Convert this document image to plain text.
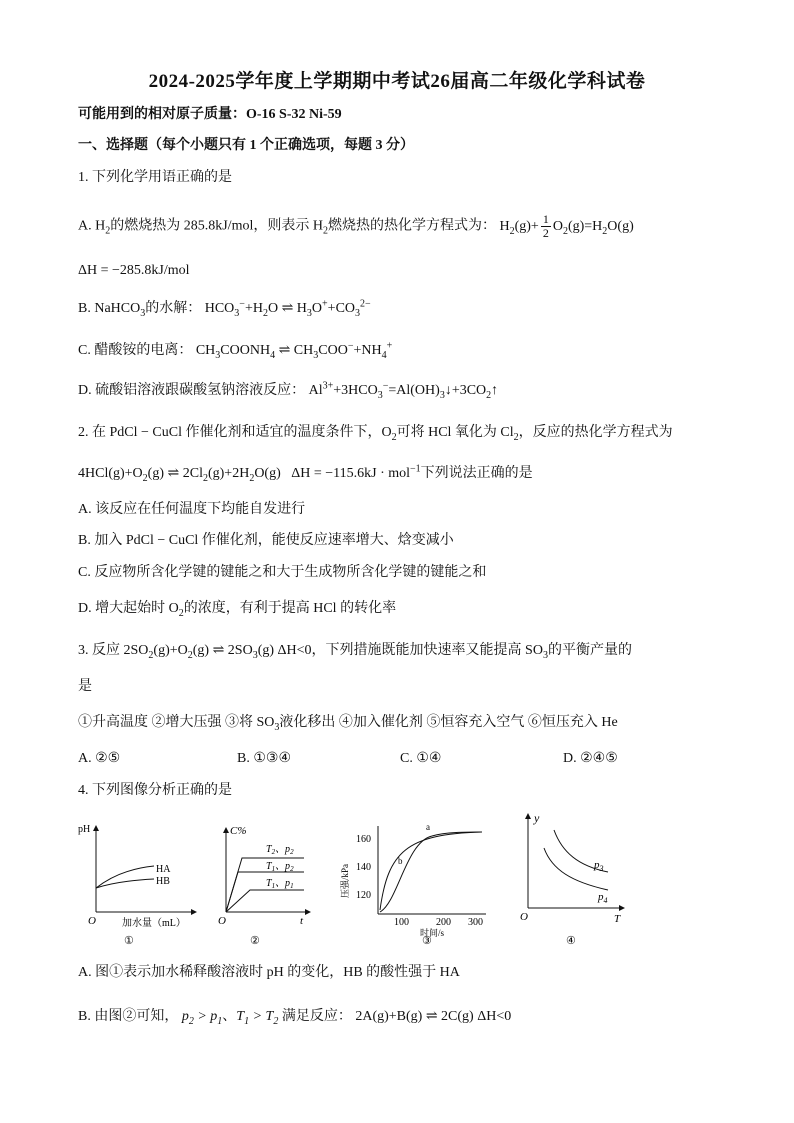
2024-2025学年度上学期期中考试26届高二年级化学科试卷
可能用到的相对原子质量：O-16 S-32 Ni-59
一、选择题（每个小题只有 1 个正确选项，每题 3 分）
1. 下列化学用语正确的是
A. $H_2$的燃烧热为 285.8kJ/mol，则表示 $H_2$燃烧热的热化学方程式为： $H_2(g)+ \frac{1}{2} O_2(g)=H_2O(g)$
ΔH = −285.8kJ/mol
B. NaHCO$_3$的水解： $HCO_3^-+H_2O$ ⇌ $H_3O^++CO_3^{2-}$
C. 醋酸铵的电离： $CH_3COONH_4$ ⇌ $CH_3COO^-+NH_4^+$
D. 硫酸铝溶液跟碳酸氢钠溶液反应： $Al^{3+}+3HCO_3^-=Al(OH)_3↓+3CO_2↑$
2. 在 PdCl − CuCl 作催化剂和适宜的温度条件下，$O_2$可将 HCl 氧化为 $Cl_2$，反应的热化学方程式为
$4HCl(g)+O_2(g)$ ⇌ $2Cl_2(g)+2H_2O(g) \Delta H = -115.6kJ \cdot mol^{-1}$下列说法正确的是
A. 该反应在任何温度下均能自发进行
B. 加入 PdCl − CuCl 作催化剂，能使反应速率增大、焓变减小
C. 反应物所含化学键的键能之和大于生成物所含化学键的键能之和
D. 增大起始时 $O_2$的浓度，有利于提高 HCl 的转化率
3. 反应 $2SO_2(g)+O_2(g)$ ⇌ $2SO_3(g)$ ΔH<0，下列措施既能加快速率又能提高 $SO_3$的平衡产量的
是
①升高温度 ②增大压强 ③将 $SO_3$液化移出 ④加入催化剂 ⑤恒容充入空气 ⑥恒压充入 He
A. ②⑤	B. ①③④	C. ①④	D. ②④⑤
4. 下列图像分析正确的是
pH
O
HA
HB
加水量（mL）
①
C%
O	t
$T_2$、$p_2$
$T_1$、$p_2$
$T_1$、$p_1$
②
160
140
120
100	200 300
压强/kPa
时间/s
a
b
③
y
O	T
$p_3$
$p_4$
④
A. 图①表示加水稀释酸溶液时 pH 的变化，HB 的酸性强于 HA
B. 由图②可知， $p_2 > p_1$、$T_1 > T_2$ 满足反应： 2A(g)+B(g) ⇌ 2C(g) ΔH<0
